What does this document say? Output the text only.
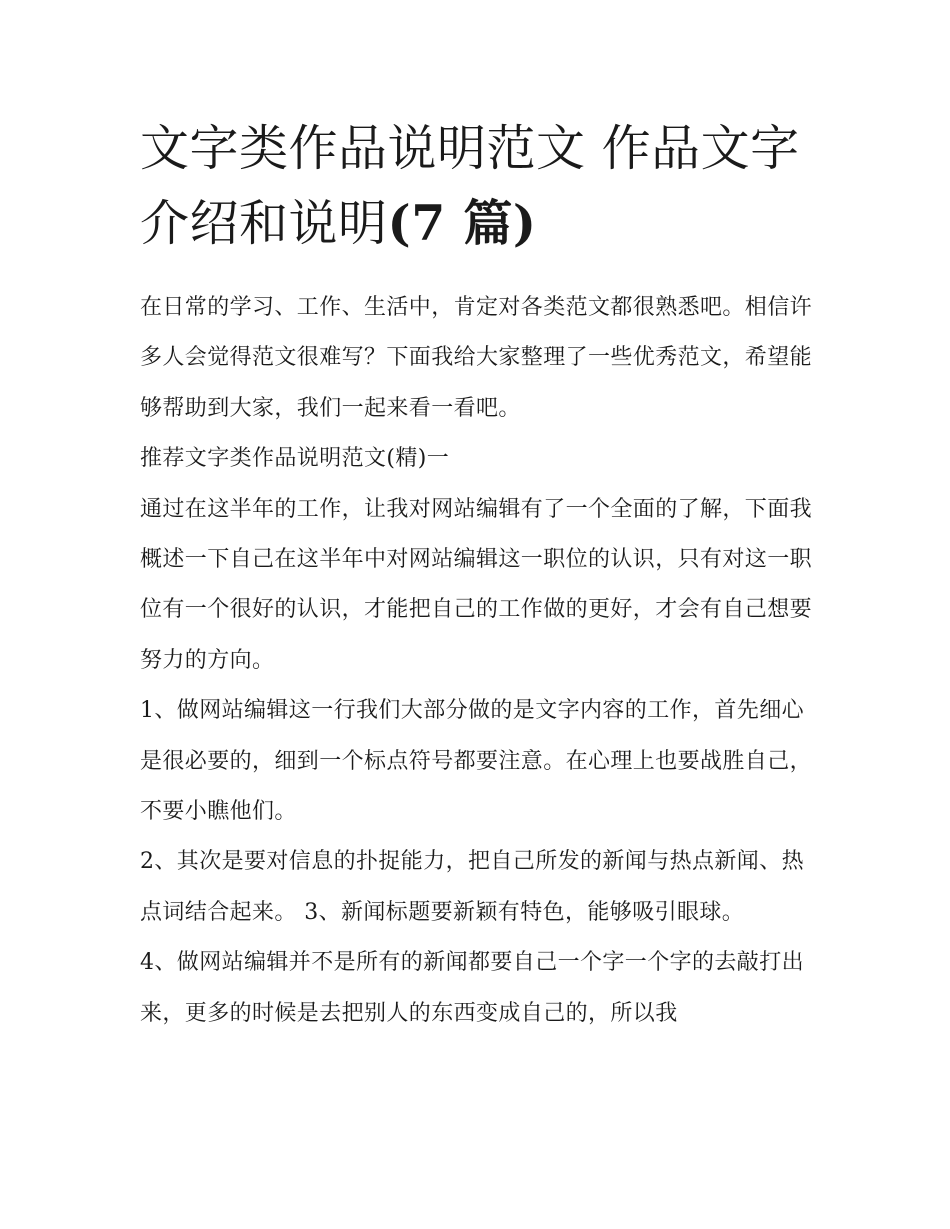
文字类作品说明范文 作品文字介绍和说明(7 篇)

在日常的学习、工作、生活中，肯定对各类范文都很熟悉吧。相信许多人会觉得范文很难写？下面我给大家整理了一些优秀范文，希望能够帮助到大家，我们一起来看一看吧。

推荐文字类作品说明范文(精)一

通过在这半年的工作，让我对网站编辑有了一个全面的了解，下面我概述一下自己在这半年中对网站编辑这一职位的认识，只有对这一职位有一个很好的认识，才能把自己的工作做的更好，才会有自己想要努力的方向。

1、做网站编辑这一行我们大部分做的是文字内容的工作，首先细心是很必要的，细到一个标点符号都要注意。在心理上也要战胜自己，不要小瞧他们。

2、其次是要对信息的扑捉能力，把自己所发的新闻与热点新闻、热点词结合起来。 3、新闻标题要新颖有特色，能够吸引眼球。

4、做网站编辑并不是所有的新闻都要自己一个字一个字的去敲打出来，更多的时候是去把别人的东西变成自己的，所以我
